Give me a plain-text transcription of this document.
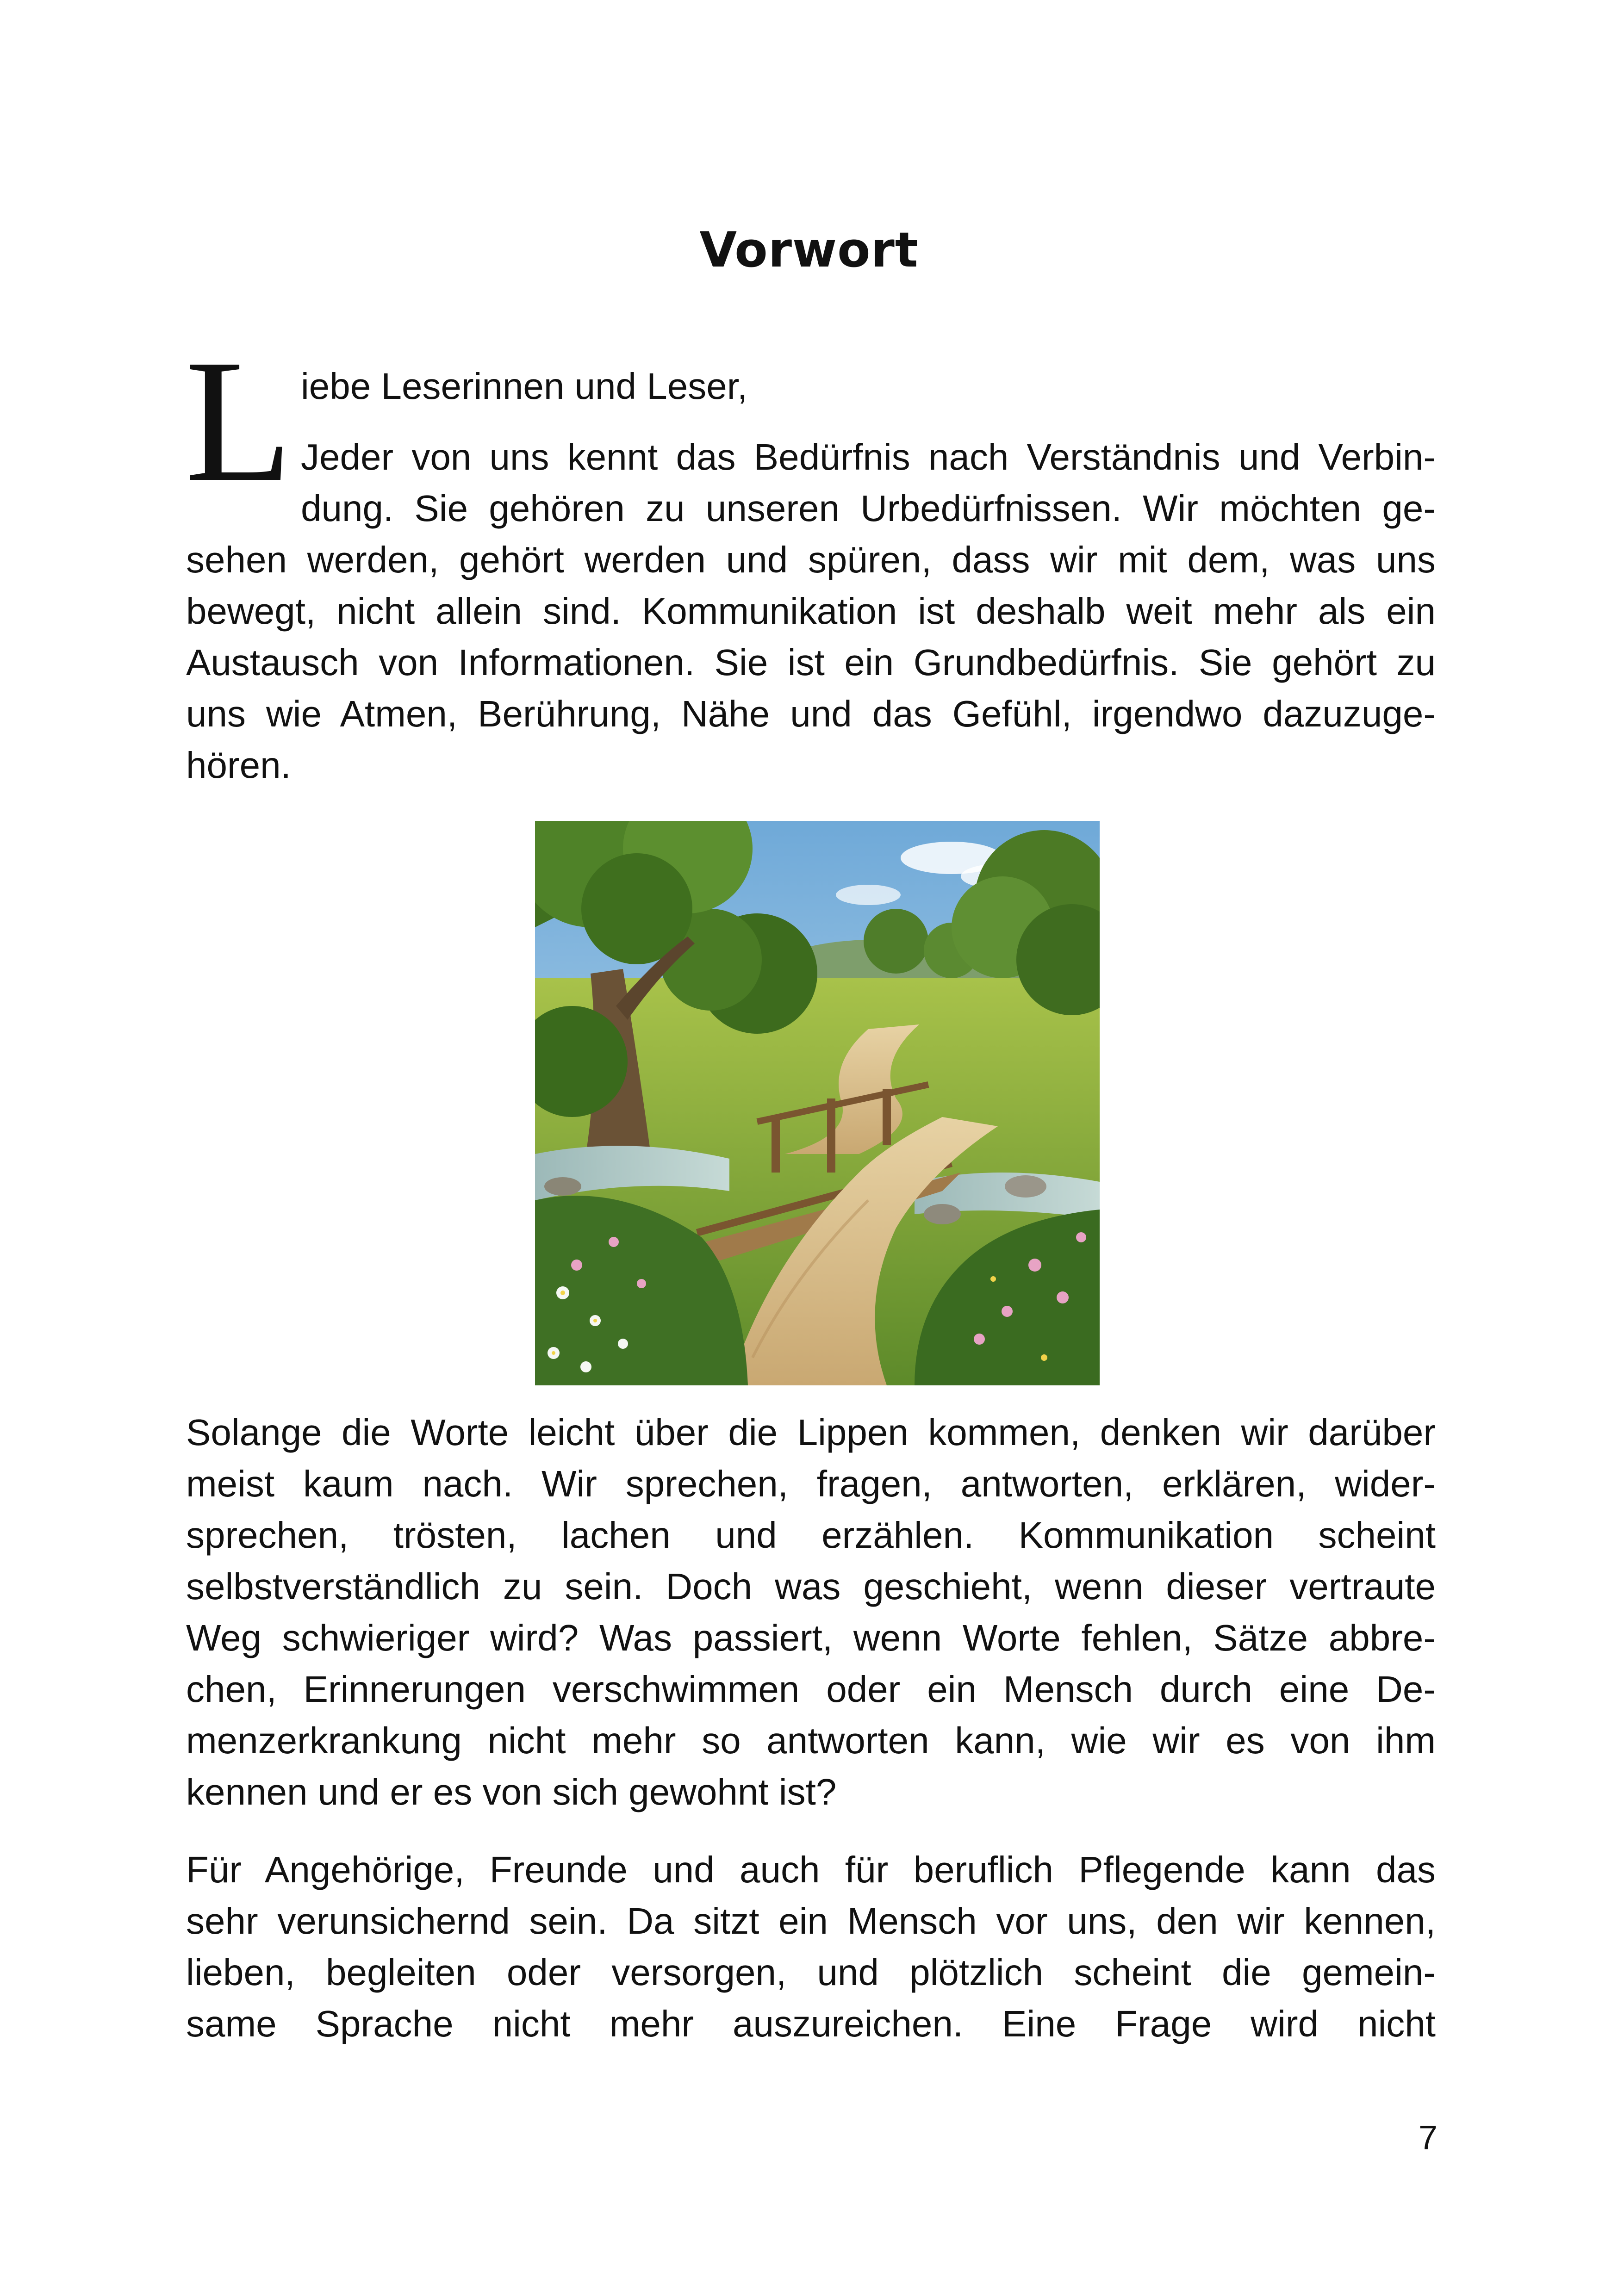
Vorwort
L iebe Leserinnen und Leser,
Jeder von uns kennt das Bedürfnis nach Verständnis und Verbin-
dung. Sie gehören zu unseren Urbedürfnissen. Wir möchten ge-
sehen werden, gehört werden und spüren, dass wir mit dem, was uns
bewegt, nicht allein sind. Kommunikation ist deshalb weit mehr als ein
Austausch von Informationen. Sie ist ein Grundbedürfnis. Sie gehört zu
uns wie Atmen, Berührung, Nähe und das Gefühl, irgendwo dazuzuge-
hören.
Solange die Worte leicht über die Lippen kommen, denken wir darüber
meist kaum nach. Wir sprechen, fragen, antworten, erklären, wider-
sprechen, trösten, lachen und erzählen. Kommunikation scheint
selbstverständlich zu sein. Doch was geschieht, wenn dieser vertraute
Weg schwieriger wird? Was passiert, wenn Worte fehlen, Sätze abbre-
chen, Erinnerungen verschwimmen oder ein Mensch durch eine De-
menzerkrankung nicht mehr so antworten kann, wie wir es von ihm
kennen und er es von sich gewohnt ist?
Für Angehörige, Freunde und auch für beruflich Pflegende kann das
sehr verunsichernd sein. Da sitzt ein Mensch vor uns, den wir kennen,
lieben, begleiten oder versorgen, und plötzlich scheint die gemein-
same Sprache nicht mehr auszureichen. Eine Frage wird nicht
7
